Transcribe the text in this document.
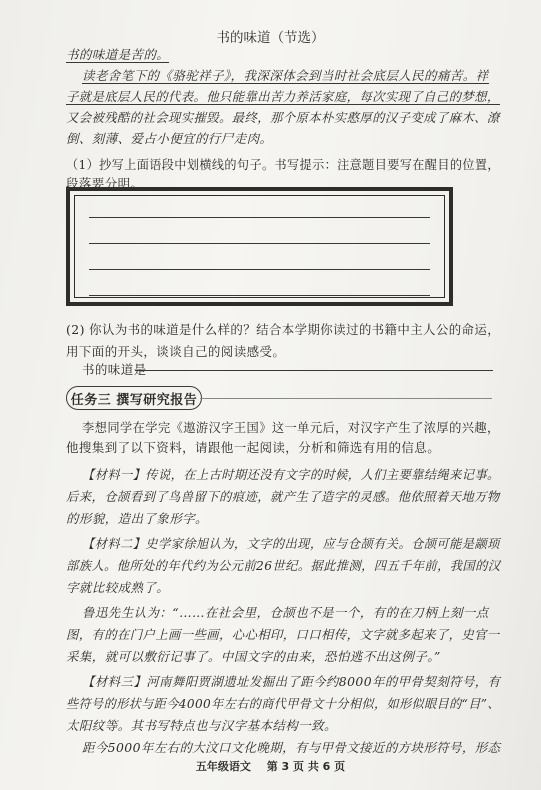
书的味道（节选）
书的味道是苦的。
读老舍笔下的《骆驼祥子》，我深深体会到当时社会底层人民的痛苦。祥
子就是底层人民的代表。他只能靠出苦力养活家庭，每次实现了自己的梦想，
又会被残酷的社会现实摧毁。最终，那个原本朴实憨厚的汉子变成了麻木、潦
倒、刻薄、爱占小便宜的行尸走肉。
（1）抄写上面语段中划横线的句子。书写提示：注意题目要写在醒目的位置，
段落要分明。
(2) 你认为书的味道是什么样的？结合本学期你读过的书籍中主人公的命运，
用下面的开头，谈谈自己的阅读感受。
书的味道是
任务三 撰写研究报告
李想同学在学完《遨游汉字王国》这一单元后，对汉字产生了浓厚的兴趣，
他搜集到了以下资料，请跟他一起阅读，分析和筛选有用的信息。
【材料一】传说，在上古时期还没有文字的时候，人们主要靠结绳来记事。
后来，仓颉看到了鸟兽留下的痕迹，就产生了造字的灵感。他依照着天地万物
的形貌，造出了象形字。
【材料二】史学家徐旭认为，文字的出现，应与仓颉有关。仓颉可能是颛顼
部族人。他所处的年代约为公元前26世纪。据此推测，四五千年前，我国的汉
字就比较成熟了。
鲁迅先生认为：“……在社会里，仓颉也不是一个，有的在刀柄上刻一点
图，有的在门户上画一些画，心心相印，口口相传，文字就多起来了，史官一
采集，就可以敷衍记事了。中国文字的由来，恐怕逃不出这例子。”
【材料三】河南舞阳贾湖遗址发掘出了距今约8000年的甲骨契刻符号，有
些符号的形状与距今4000年左右的商代甲骨文十分相似，如形似眼目的“目”、
太阳纹等。其书写特点也与汉字基本结构一致。
距今5000年左右的大汶口文化晚期，有与甲骨文接近的方块形符号，形态
五年级语文 第 3 页 共 6 页
